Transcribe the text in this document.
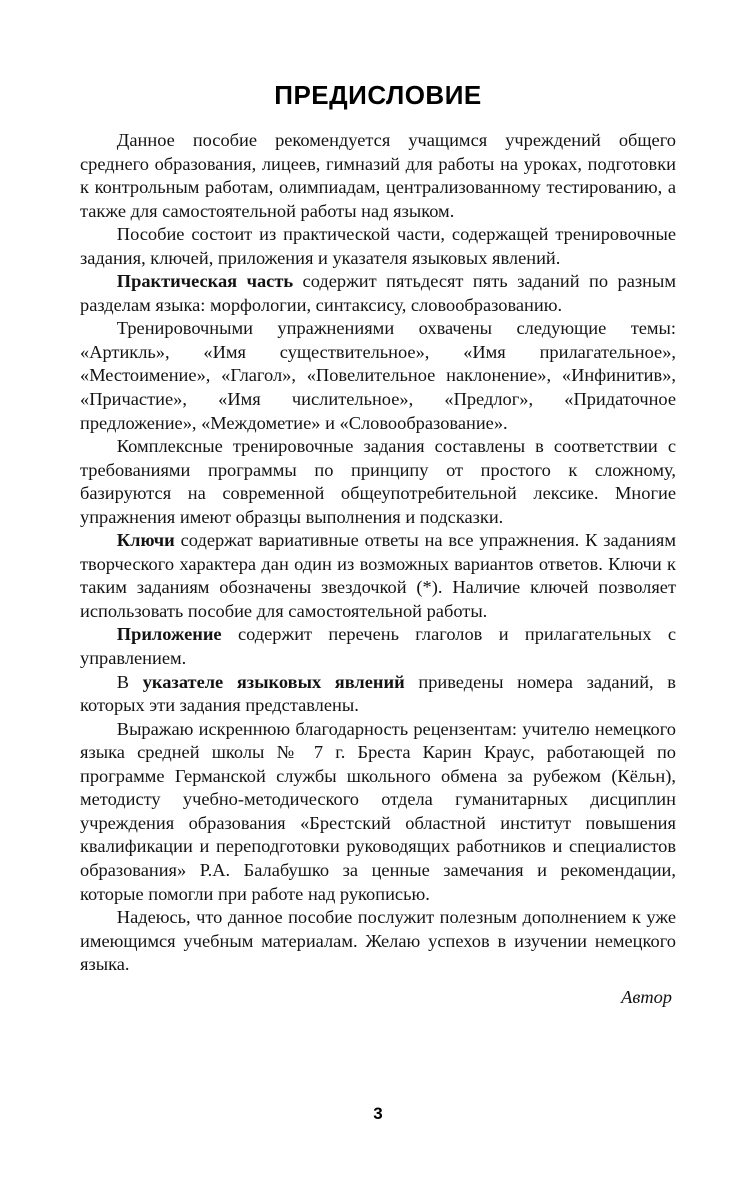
ПРЕДИСЛОВИЕ

Данное пособие рекомендуется учащимся учреждений общего среднего образования, лицеев, гимназий для работы на уроках, подготовки к контрольным работам, олимпиадам, централизованному тестированию, а также для самостоятельной работы над языком.

Пособие состоит из практической части, содержащей тренировочные задания, ключей, приложения и указателя языковых явлений.

Практическая часть содержит пятьдесят пять заданий по разным разделам языка: морфологии, синтаксису, словообразованию.

Тренировочными упражнениями охвачены следующие темы: «Артикль», «Имя существительное», «Имя прилагательное», «Местоимение», «Глагол», «Повелительное наклонение», «Инфинитив», «Причастие», «Имя числительное», «Предлог», «Придаточное предложение», «Междометие» и «Словообразование».

Комплексные тренировочные задания составлены в соответствии с требованиями программы по принципу от простого к сложному, базируются на современной общеупотребительной лексике. Многие упражнения имеют образцы выполнения и подсказки.

Ключи содержат вариативные ответы на все упражнения. К заданиям творческого характера дан один из возможных вариантов ответов. Ключи к таким заданиям обозначены звездочкой (*). Наличие ключей позволяет использовать пособие для самостоятельной работы.

Приложение содержит перечень глаголов и прилагательных с управлением.

В указателе языковых явлений приведены номера заданий, в которых эти задания представлены.

Выражаю искреннюю благодарность рецензентам: учителю немецкого языка средней школы № 7 г. Бреста Карин Краус, работающей по программе Германской службы школьного обмена за рубежом (Кёльн), методисту учебно-методического отдела гуманитарных дисциплин учреждения образования «Брестский областной институт повышения квалификации и переподготовки руководящих работников и специалистов образования» Р.А. Балабушко за ценные замечания и рекомендации, которые помогли при работе над рукописью.

Надеюсь, что данное пособие послужит полезным дополнением к уже имеющимся учебным материалам. Желаю успехов в изучении немецкого языка.

Автор
3
